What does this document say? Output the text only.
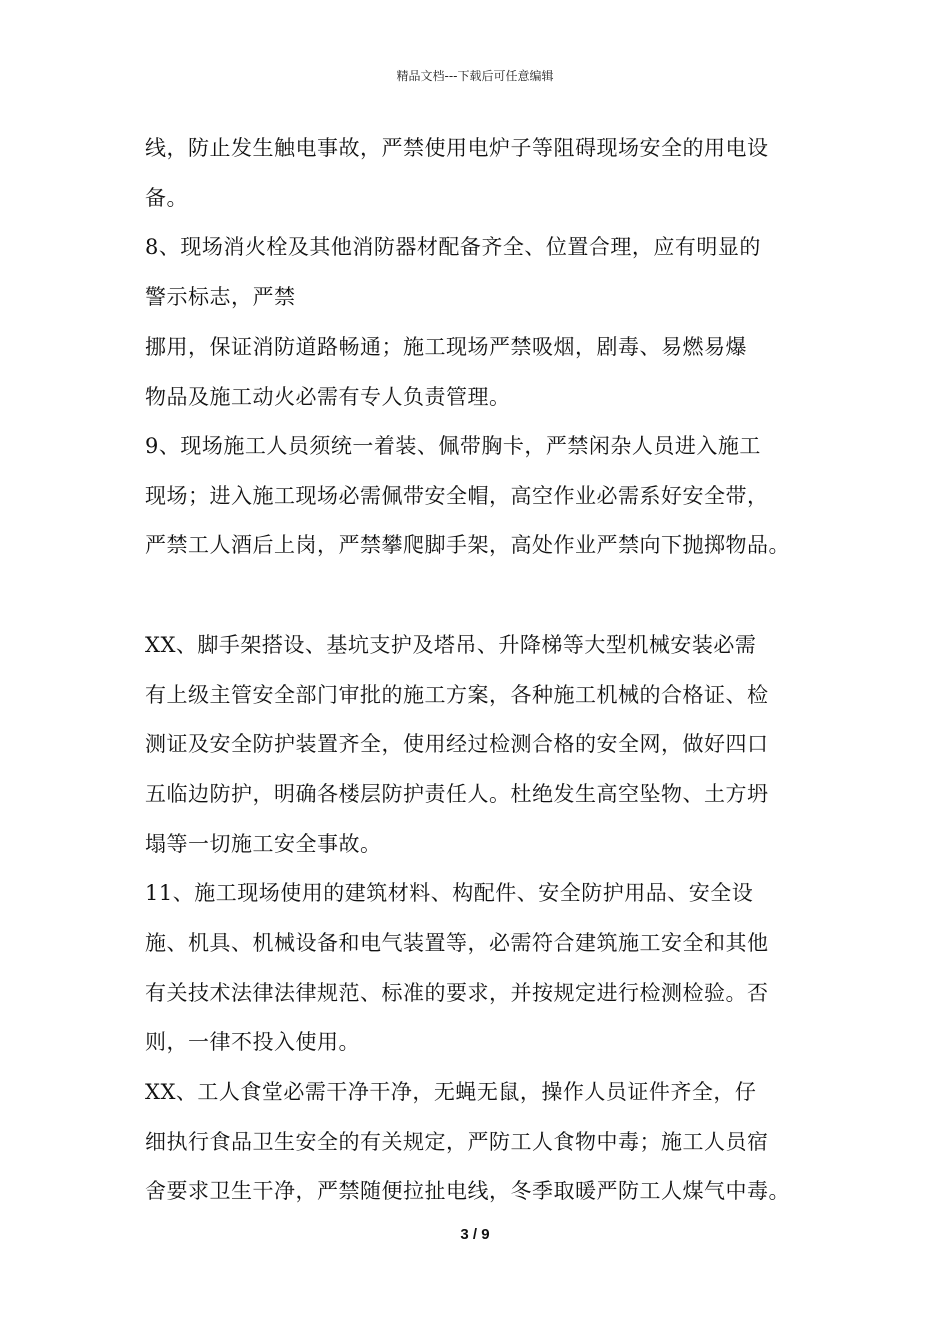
精品文档---下载后可任意编辑
线，防止发生触电事故，严禁使用电炉子等阻碍现场安全的用电设
备。
8、现场消火栓及其他消防器材配备齐全、位置合理，应有明显的
警示标志，严禁
挪用，保证消防道路畅通；施工现场严禁吸烟，剧毒、易燃易爆
物品及施工动火必需有专人负责管理。
9、现场施工人员须统一着装、佩带胸卡，严禁闲杂人员进入施工
现场；进入施工现场必需佩带安全帽，高空作业必需系好安全带，
严禁工人酒后上岗，严禁攀爬脚手架，高处作业严禁向下抛掷物品。
XX、脚手架搭设、基坑支护及塔吊、升降梯等大型机械安装必需
有上级主管安全部门审批的施工方案，各种施工机械的合格证、检
测证及安全防护装置齐全，使用经过检测合格的安全网，做好四口
五临边防护，明确各楼层防护责任人。杜绝发生高空坠物、土方坍
塌等一切施工安全事故。
11、施工现场使用的建筑材料、构配件、安全防护用品、安全设
施、机具、机械设备和电气装置等，必需符合建筑施工安全和其他
有关技术法律法律规范、标准的要求，并按规定进行检测检验。否
则，一律不投入使用。
XX、工人食堂必需干净干净，无蝇无鼠，操作人员证件齐全，仔
细执行食品卫生安全的有关规定，严防工人食物中毒；施工人员宿
舍要求卫生干净，严禁随便拉扯电线，冬季取暖严防工人煤气中毒。
3 / 9
